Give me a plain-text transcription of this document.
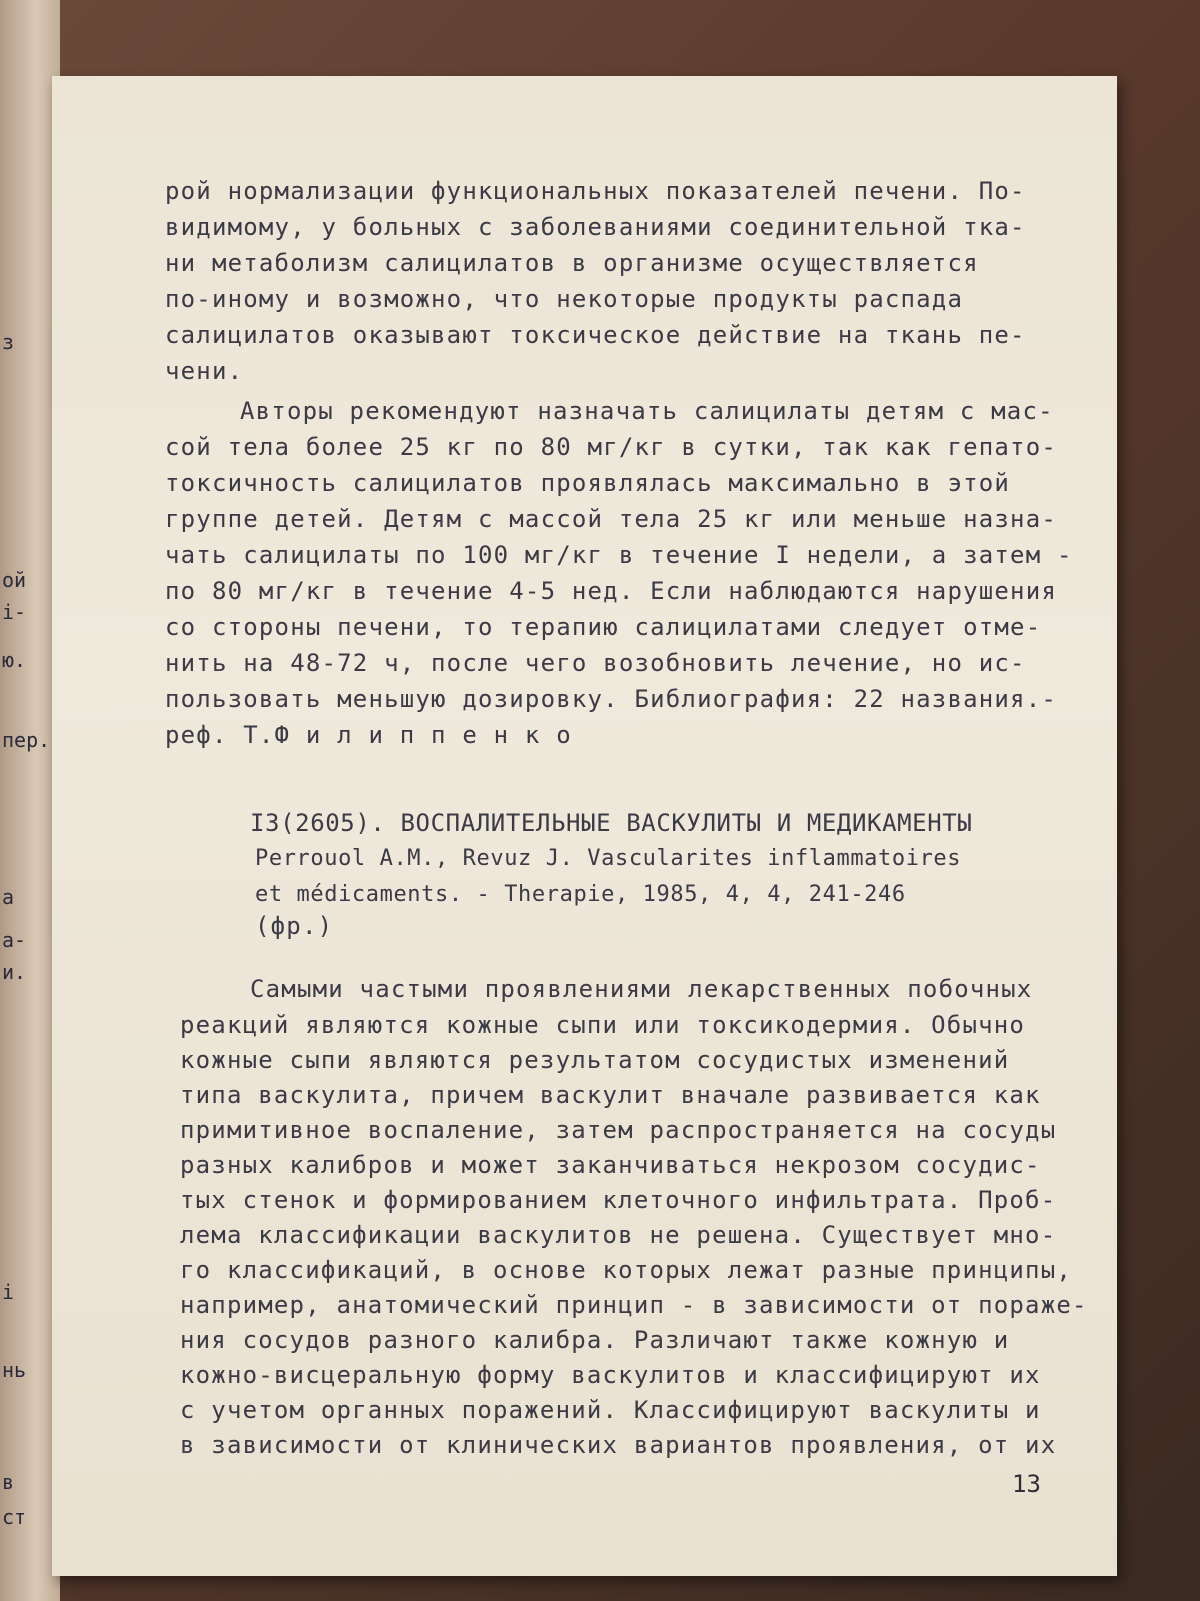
з
ой
і-
ю.
пер.
а
а-
и.
і
нь
в
ст
рой нормализации функциональных показателей печени. По-
видимому, у больных с заболеваниями соединительной тка-
ни метаболизм салицилатов в организме осуществляется
по-иному и возможно, что некоторые продукты распада
салицилатов оказывают токсическое действие на ткань пе-
чени.
Авторы рекомендуют назначать салицилаты детям с мас-
сой тела более 25 кг по 80 мг/кг в сутки, так как гепато-
токсичность салицилатов проявлялась максимально в этой
группе детей. Детям с массой тела 25 кг или меньше назна-
чать салицилаты по 100 мг/кг в течение I недели, а затем -
по 80 мг/кг в течение 4-5 нед. Если наблюдаются нарушения
со стороны печени, то терапию салицилатами следует отме-
нить на 48-72 ч, после чего возобновить лечение, но ис-
пользовать меньшую дозировку. Библиография: 22 названия.-
реф. Т.Ф и л и п п е н к о
I3(2605). ВОСПАЛИТЕЛЬНЫЕ ВАСКУЛИТЫ И МЕДИКАМЕНТЫ
Perrouol A.M., Revuz J. Vascularites inflammatoires
et médicaments. - Therapie, 1985, 4, 4, 241-246
(фр.)
Самыми частыми проявлениями лекарственных побочных
реакций являются кожные сыпи или токсикодермия. Обычно
кожные сыпи являются результатом сосудистых изменений
типа васкулита, причем васкулит вначале развивается как
примитивное воспаление, затем распространяется на сосуды
разных калибров и может заканчиваться некрозом сосудис-
тых стенок и формированием клеточного инфильтрата. Проб-
лема классификации васкулитов не решена. Существует мно-
го классификаций, в основе которых лежат разные принципы,
например, анатомический принцип - в зависимости от пораже-
ния сосудов разного калибра. Различают также кожную и
кожно-висцеральную форму васкулитов и классифицируют их
с учетом органных поражений. Классифицируют васкулиты и
в зависимости от клинических вариантов проявления, от их
13
